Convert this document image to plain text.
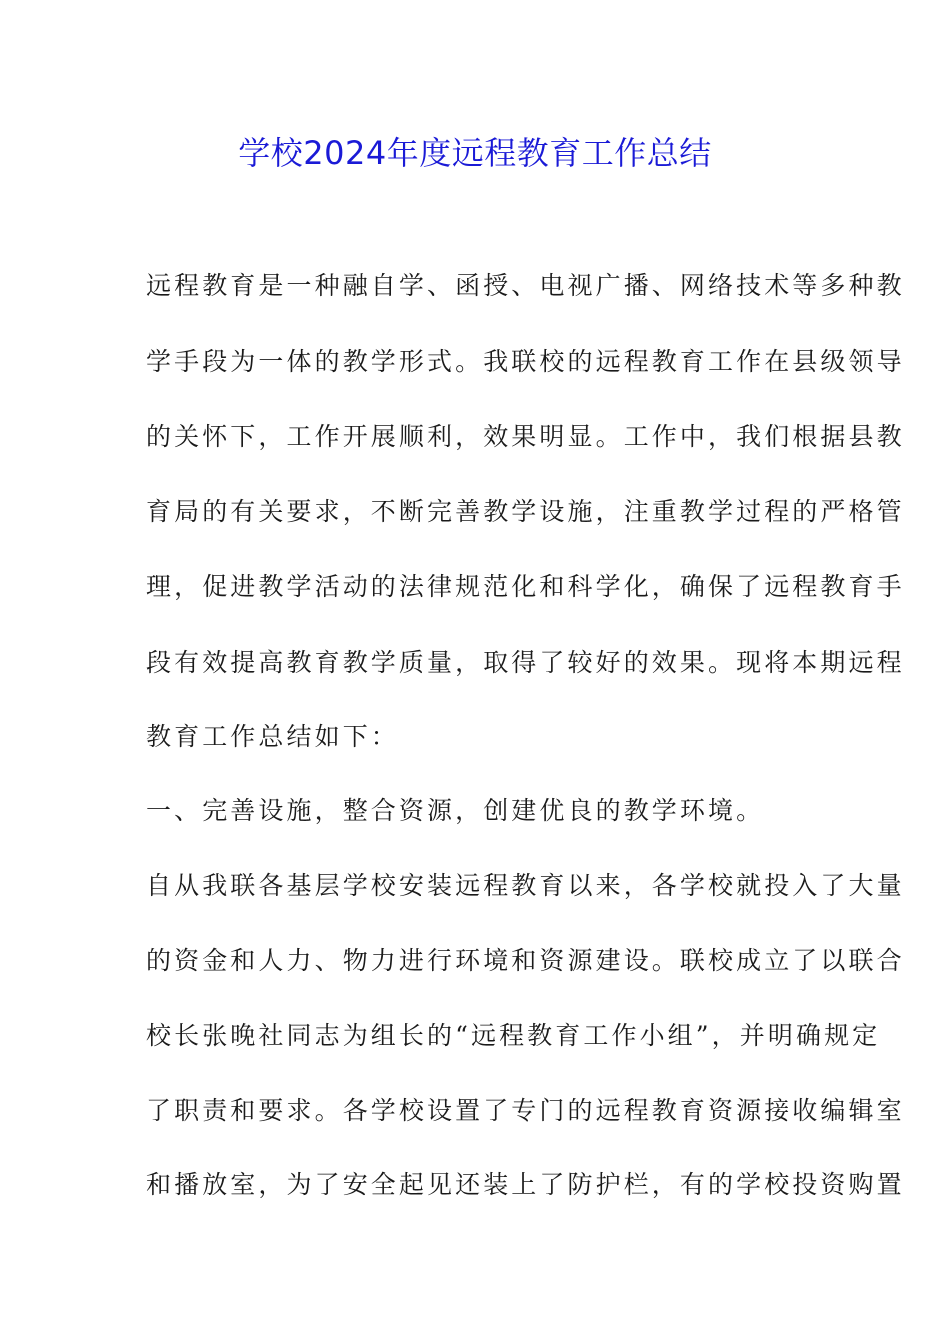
学校2024年度远程教育工作总结
远程教育是一种融自学、函授、电视广播、网络技术等多种教
学手段为一体的教学形式。我联校的远程教育工作在县级领导
的关怀下，工作开展顺利，效果明显。工作中，我们根据县教
育局的有关要求，不断完善教学设施，注重教学过程的严格管
理，促进教学活动的法律规范化和科学化，确保了远程教育手
段有效提高教育教学质量，取得了较好的效果。现将本期远程
教育工作总结如下：
一、完善设施，整合资源，创建优良的教学环境。
自从我联各基层学校安装远程教育以来，各学校就投入了大量
的资金和人力、物力进行环境和资源建设。联校成立了以联合
校长张晚社同志为组长的“远程教育工作小组”，并明确规定
了职责和要求。各学校设置了专门的远程教育资源接收编辑室
和播放室，为了安全起见还装上了防护栏，有的学校投资购置
